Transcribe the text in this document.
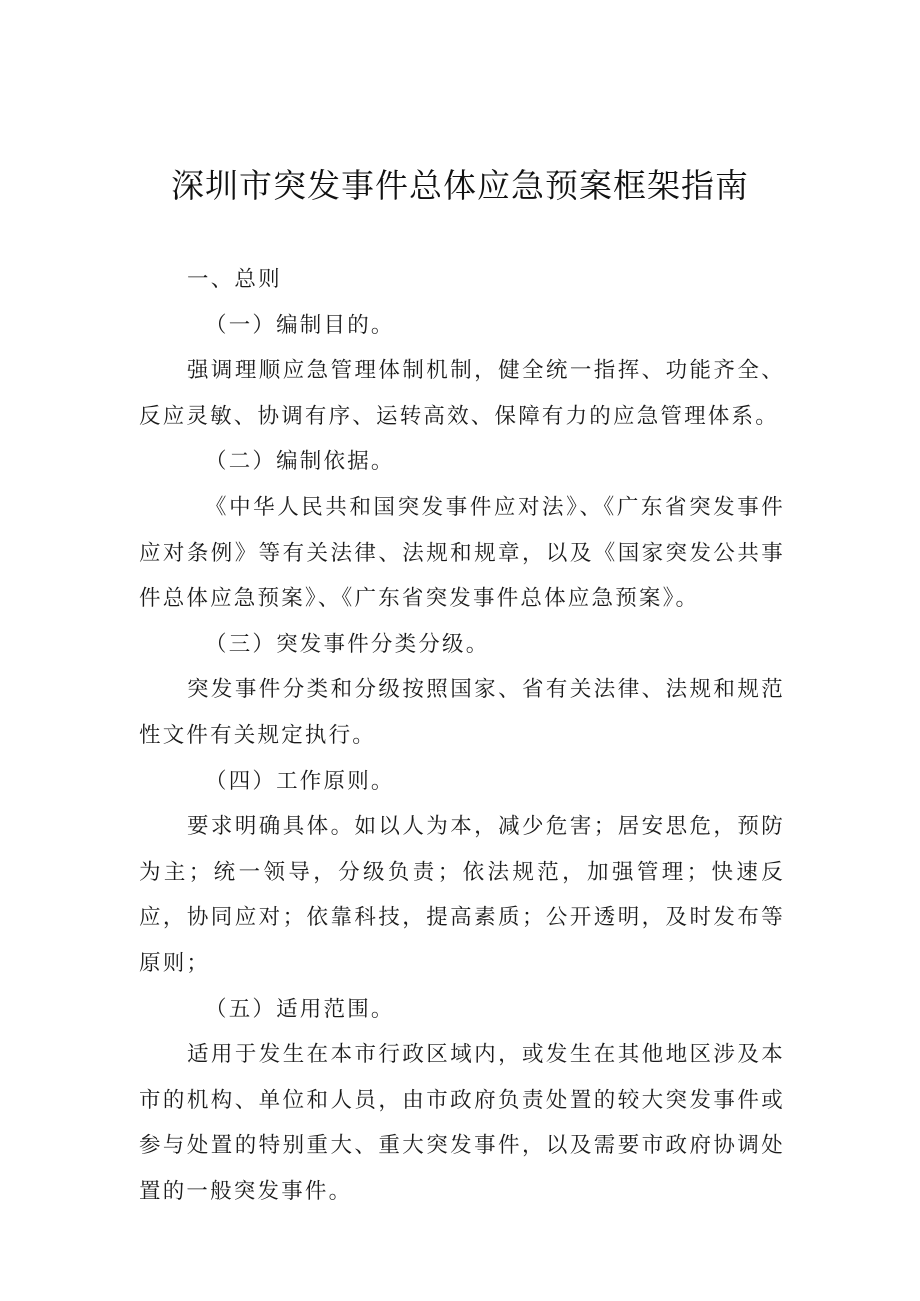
深圳市突发事件总体应急预案框架指南

一、总则

（一）编制目的。

强调理顺应急管理体制机制，健全统一指挥、功能齐全、反应灵敏、协调有序、运转高效、保障有力的应急管理体系。

（二）编制依据。

《中华人民共和国突发事件应对法》、《广东省突发事件应对条例》等有关法律、法规和规章，以及《国家突发公共事件总体应急预案》、《广东省突发事件总体应急预案》。

（三）突发事件分类分级。

突发事件分类和分级按照国家、省有关法律、法规和规范性文件有关规定执行。

（四）工作原则。

要求明确具体。如以人为本，减少危害；居安思危，预防为主；统一领导，分级负责；依法规范，加强管理；快速反应，协同应对；依靠科技，提高素质；公开透明，及时发布等原则；

（五）适用范围。

适用于发生在本市行政区域内，或发生在其他地区涉及本市的机构、单位和人员，由市政府负责处置的较大突发事件或参与处置的特别重大、重大突发事件，以及需要市政府协调处置的一般突发事件。
